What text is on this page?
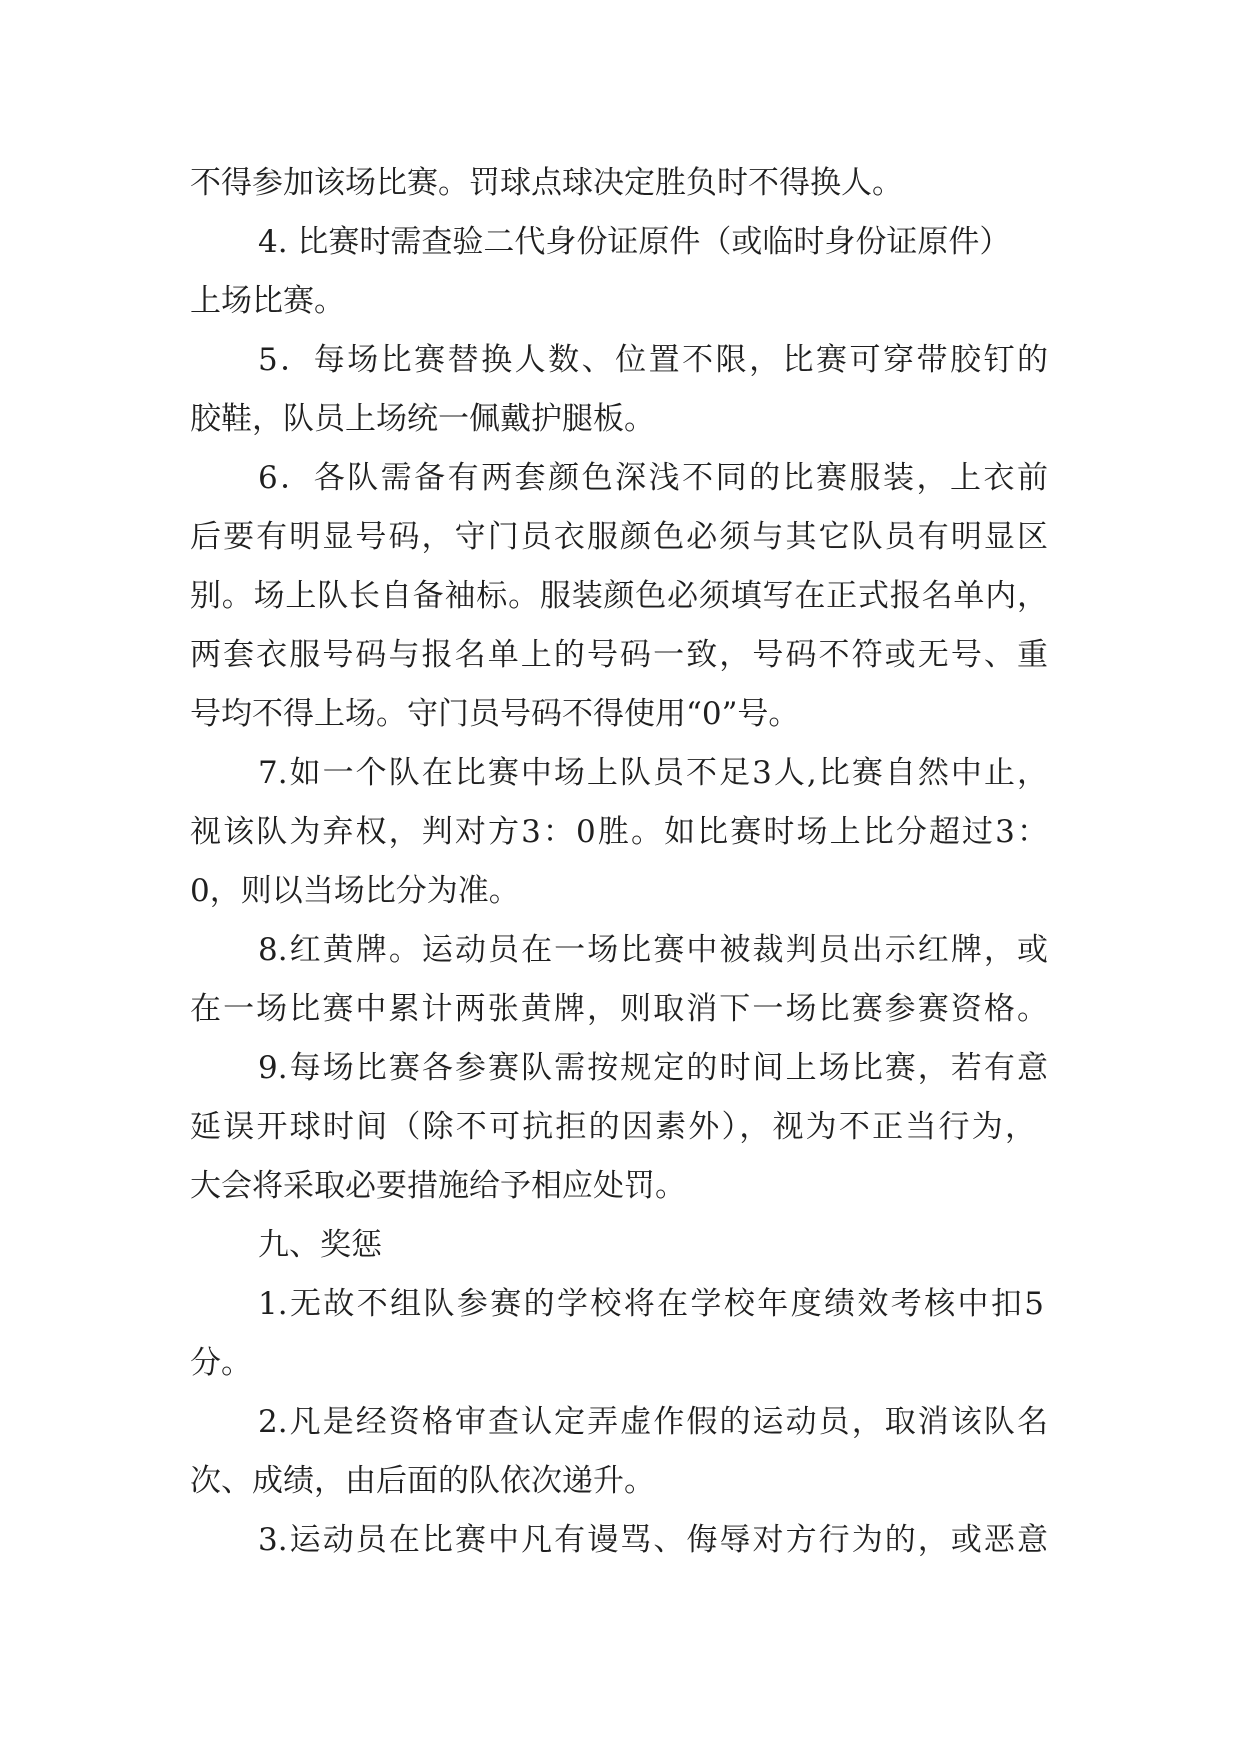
不得参加该场比赛。罚球点球决定胜负时不得换人。
4. 比赛时需查验二代身份证原件（或临时身份证原件）
上场比赛。
5．每场比赛替换人数、位置不限，比赛可穿带胶钉的
胶鞋，队员上场统一佩戴护腿板。
6．各队需备有两套颜色深浅不同的比赛服装，上衣前
后要有明显号码，守门员衣服颜色必须与其它队员有明显区
别。场上队长自备袖标。服装颜色必须填写在正式报名单内，
两套衣服号码与报名单上的号码一致，号码不符或无号、重
号均不得上场。守门员号码不得使用“0”号。
7.如一个队在比赛中场上队员不足3人,比赛自然中止，
视该队为弃权，判对方3：0胜。如比赛时场上比分超过3：
0，则以当场比分为准。
8.红黄牌。运动员在一场比赛中被裁判员出示红牌，或
在一场比赛中累计两张黄牌，则取消下一场比赛参赛资格。
9.每场比赛各参赛队需按规定的时间上场比赛，若有意
延误开球时间（除不可抗拒的因素外），视为不正当行为，
大会将采取必要措施给予相应处罚。
九、奖惩
1.无故不组队参赛的学校将在学校年度绩效考核中扣5
分。
2.凡是经资格审查认定弄虚作假的运动员，取消该队名
次、成绩，由后面的队依次递升。
3.运动员在比赛中凡有谩骂、侮辱对方行为的，或恶意
